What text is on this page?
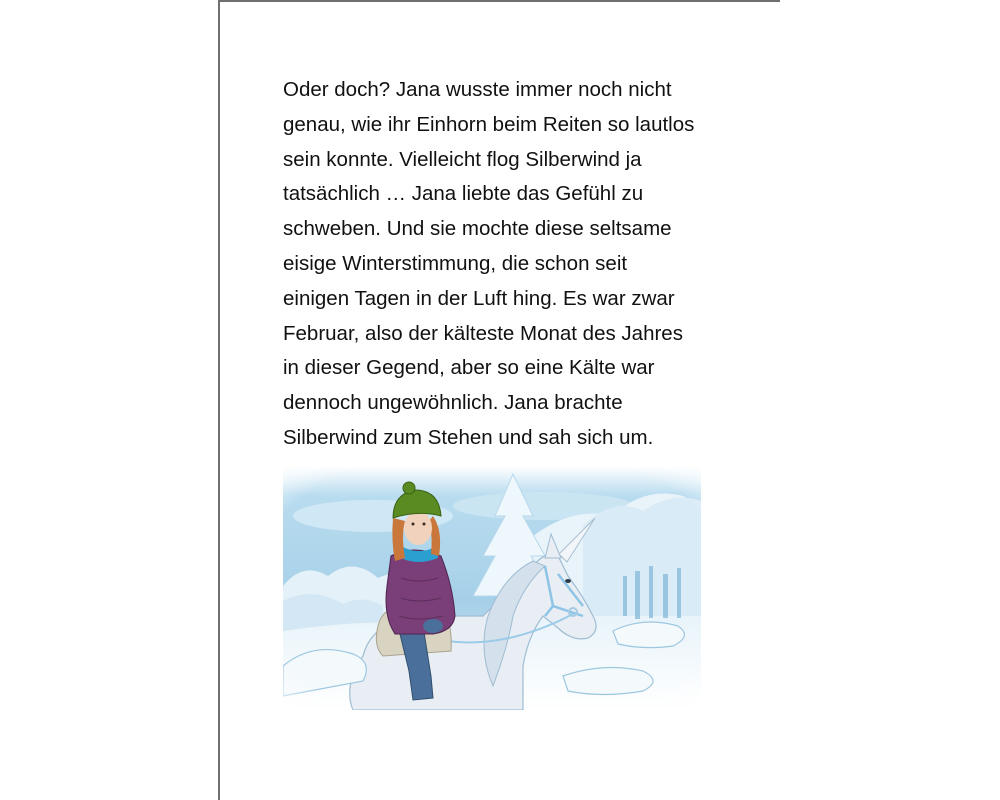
Oder doch? Jana wusste immer noch nicht
genau, wie ihr Einhorn beim Reiten so lautlos
sein konnte. Vielleicht flog Silberwind ja
tatsächlich … Jana liebte das Gefühl zu
schweben. Und sie mochte diese seltsame
eisige Winterstimmung, die schon seit
einigen Tagen in der Luft hing. Es war zwar
Februar, also der kälteste Monat des Jahres
in dieser Gegend, aber so eine Kälte war
dennoch ungewöhnlich. Jana brachte
Silberwind zum Stehen und sah sich um.
